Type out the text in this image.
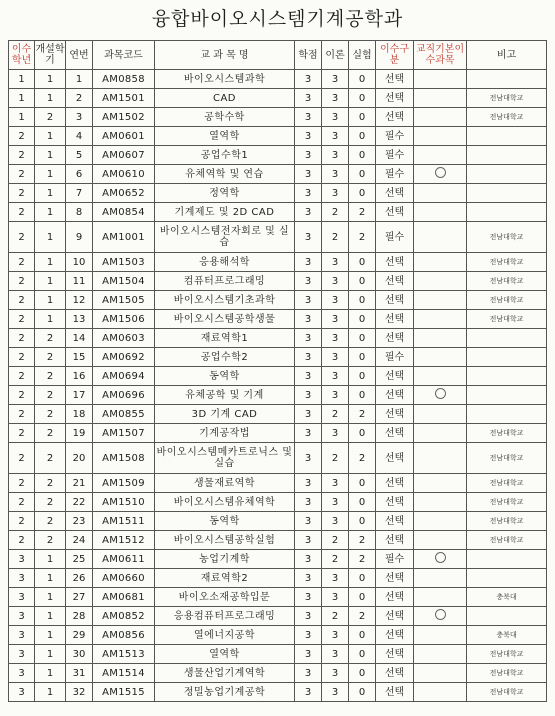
융합바이오시스템기계공학과
이수학년	개설학기	연번	과목코드	교 과 목 명	학점	이론	실험	이수구분	교직기본이수과목	비고
1	1	1	AM0858	바이오시스템과학	3	3	0	선택		
1	1	2	AM1501	CAD	3	3	0	선택		전남대학교
1	2	3	AM1502	공학수학	3	3	0	선택		전남대학교
2	1	4	AM0601	열역학	3	3	0	필수		
2	1	5	AM0607	공업수학1	3	3	0	필수		
2	1	6	AM0610	유체역학 및 연습	3	3	0	필수		
2	1	7	AM0652	정역학	3	3	0	선택		
2	1	8	AM0854	기계제도 및 2D CAD	3	2	2	선택		
2	1	9	AM1001	바이오시스템전자회로 및 실습	3	2	2	필수		전남대학교
2	1	10	AM1503	응용해석학	3	3	0	선택		전남대학교
2	1	11	AM1504	컴퓨터프로그래밍	3	3	0	선택		전남대학교
2	1	12	AM1505	바이오시스템기초과학	3	3	0	선택		전남대학교
2	1	13	AM1506	바이오시스템공학생물	3	3	0	선택		전남대학교
2	2	14	AM0603	재료역학1	3	3	0	선택		
2	2	15	AM0692	공업수학2	3	3	0	필수		
2	2	16	AM0694	동역학	3	3	0	선택		
2	2	17	AM0696	유체공학 및 기계	3	3	0	선택		
2	2	18	AM0855	3D 기계 CAD	3	2	2	선택		
2	2	19	AM1507	기계공작법	3	3	0	선택		전남대학교
2	2	20	AM1508	바이오시스템메카트로닉스 및 실습	3	2	2	선택		전남대학교
2	2	21	AM1509	생물재료역학	3	3	0	선택		전남대학교
2	2	22	AM1510	바이오시스템유체역학	3	3	0	선택		전남대학교
2	2	23	AM1511	동역학	3	3	0	선택		전남대학교
2	2	24	AM1512	바이오시스템공학실험	3	2	2	선택		전남대학교
3	1	25	AM0611	농업기계학	3	2	2	필수		
3	1	26	AM0660	재료역학2	3	3	0	선택		
3	1	27	AM0681	바이오소재공학입문	3	3	0	선택		충북대
3	1	28	AM0852	응용컴퓨터프로그래밍	3	2	2	선택		
3	1	29	AM0856	열에너지공학	3	3	0	선택		충북대
3	1	30	AM1513	열역학	3	3	0	선택		전남대학교
3	1	31	AM1514	생물산업기계역학	3	3	0	선택		전남대학교
3	1	32	AM1515	정밀농업기계공학	3	3	0	선택		전남대학교
